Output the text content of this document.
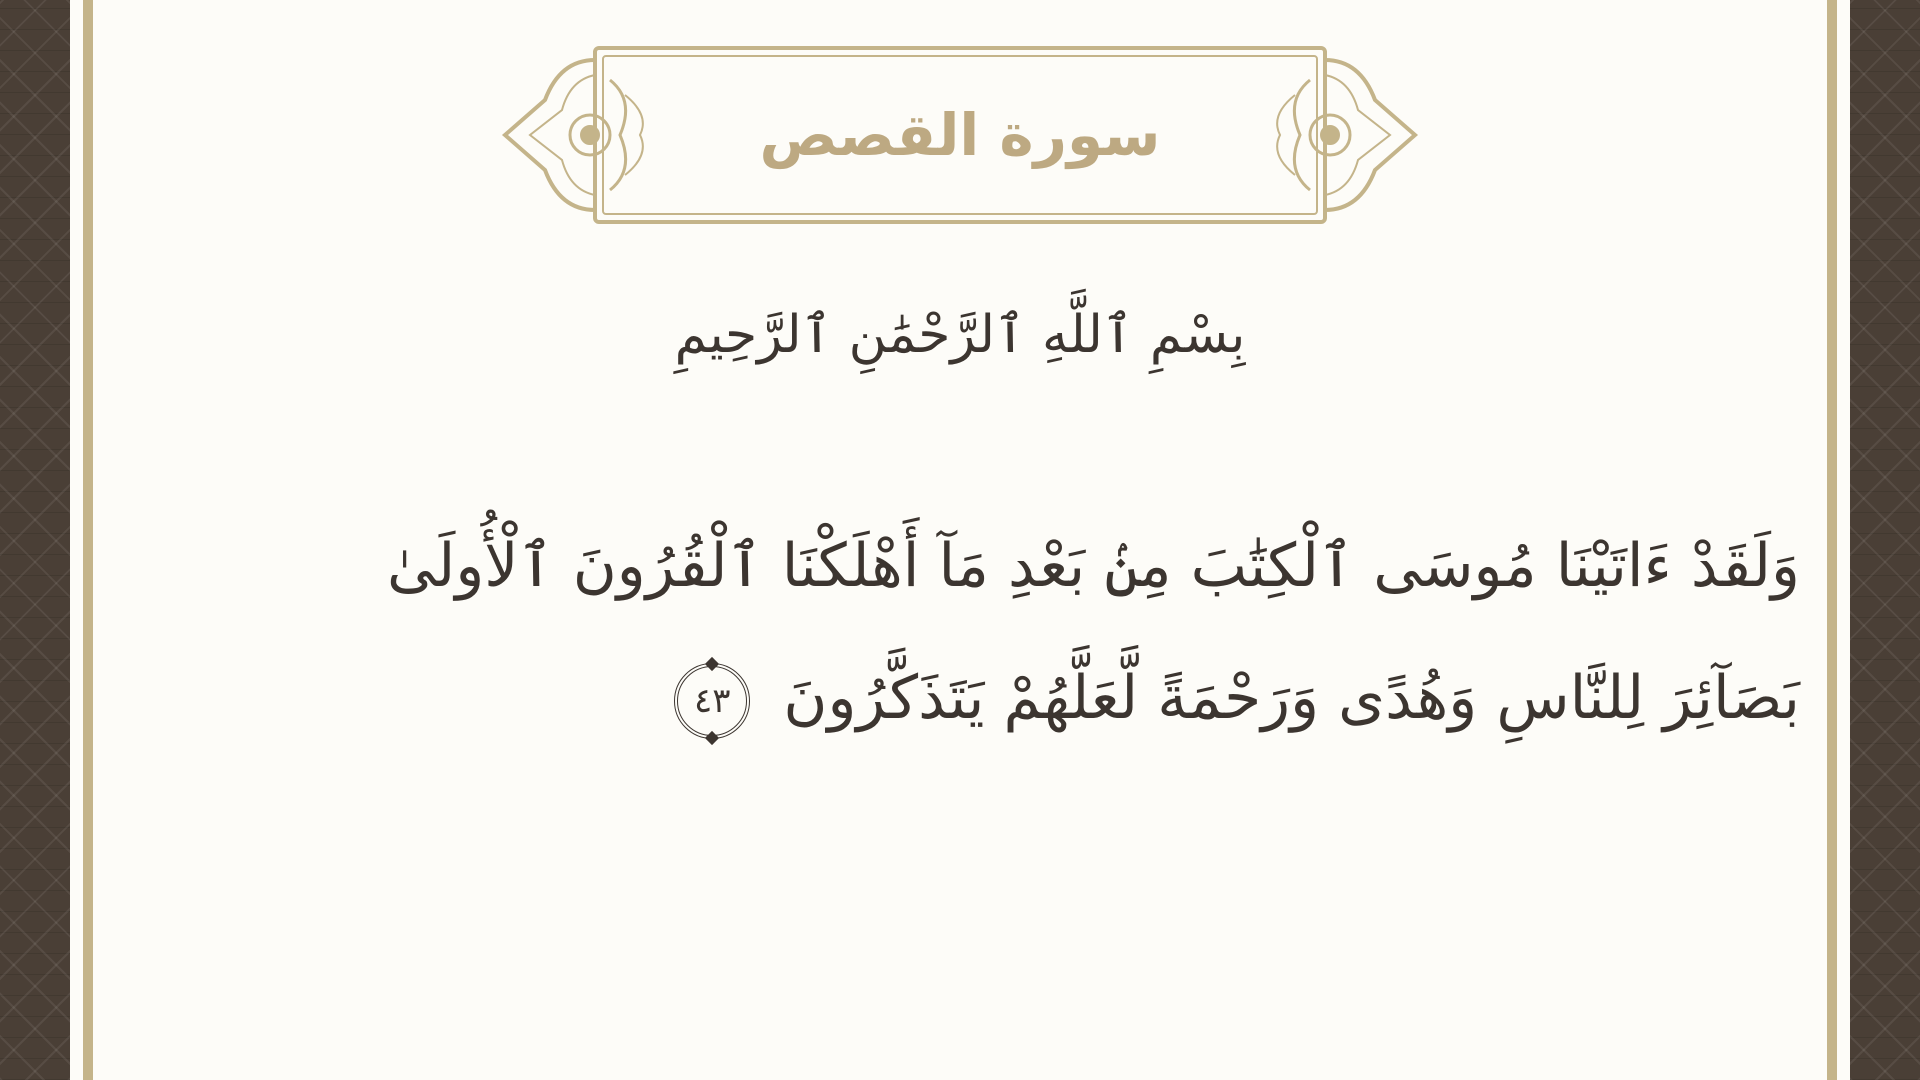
سورة القصص
بِسْمِ ٱللَّهِ ٱلرَّحْمَٰنِ ٱلرَّحِيمِ
وَلَقَدْ ءَاتَيْنَا مُوسَى ٱلْكِتَٰبَ مِنۢ بَعْدِ مَآ أَهْلَكْنَا ٱلْقُرُونَ ٱلْأُولَىٰ
بَصَآئِرَ لِلنَّاسِ وَهُدًى وَرَحْمَةً لَّعَلَّهُمْ يَتَذَكَّرُونَ ٤٣
